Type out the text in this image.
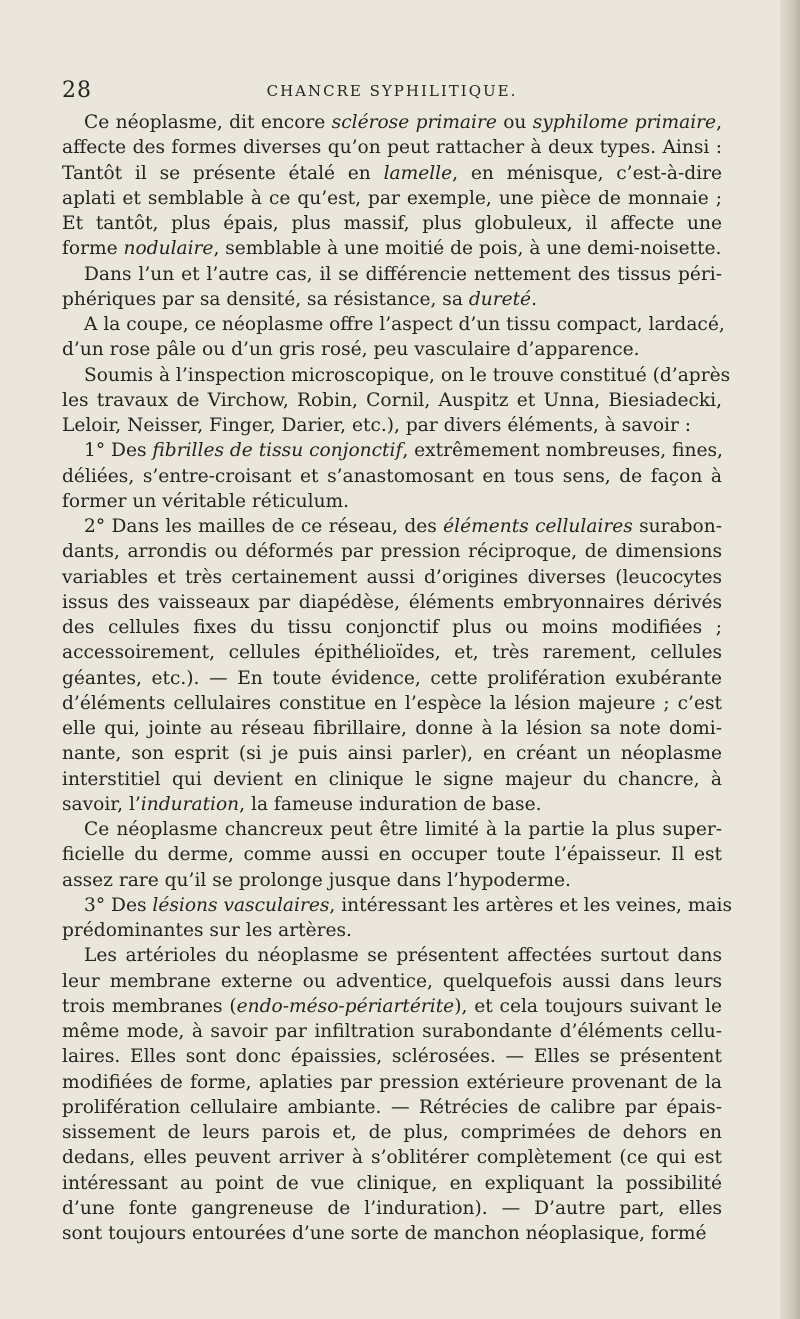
28	CHANCRE SYPHILITIQUE.
Ce néoplasme, dit encore sclérose primaire ou syphilome primaire,
affecte des formes diverses qu’on peut rattacher à deux types. Ainsi :
Tantôt il se présente étalé en lamelle, en ménisque, c’est-à-dire
aplati et semblable à ce qu’est, par exemple, une pièce de monnaie ;
Et tantôt, plus épais, plus massif, plus globuleux, il affecte une
forme nodulaire, semblable à une moitié de pois, à une demi-noisette.
Dans l’un et l’autre cas, il se différencie nettement des tissus péri-
phériques par sa densité, sa résistance, sa dureté.
A la coupe, ce néoplasme offre l’aspect d’un tissu compact, lardacé,
d’un rose pâle ou d’un gris rosé, peu vasculaire d’apparence.
Soumis à l’inspection microscopique, on le trouve constitué (d’après
les travaux de Virchow, Robin, Cornil, Auspitz et Unna, Biesiadecki,
Leloir, Neisser, Finger, Darier, etc.), par divers éléments, à savoir :
1° Des fibrilles de tissu conjonctif, extrêmement nombreuses, fines,
déliées, s’entre-croisant et s’anastomosant en tous sens, de façon à
former un véritable réticulum.
2° Dans les mailles de ce réseau, des éléments cellulaires surabon-
dants, arrondis ou déformés par pression réciproque, de dimensions
variables et très certainement aussi d’origines diverses (leucocytes
issus des vaisseaux par diapédèse, éléments embryonnaires dérivés
des cellules fixes du tissu conjonctif plus ou moins modifiées ;
accessoirement, cellules épithélioïdes, et, très rarement, cellules
géantes, etc.). — En toute évidence, cette prolifération exubérante
d’éléments cellulaires constitue en l’espèce la lésion majeure ; c’est
elle qui, jointe au réseau fibrillaire, donne à la lésion sa note domi-
nante, son esprit (si je puis ainsi parler), en créant un néoplasme
interstitiel qui devient en clinique le signe majeur du chancre, à
savoir, l’induration, la fameuse induration de base.
Ce néoplasme chancreux peut être limité à la partie la plus super-
ficielle du derme, comme aussi en occuper toute l’épaisseur. Il est
assez rare qu’il se prolonge jusque dans l’hypoderme.
3° Des lésions vasculaires, intéressant les artères et les veines, mais
prédominantes sur les artères.
Les artérioles du néoplasme se présentent affectées surtout dans
leur membrane externe ou adventice, quelquefois aussi dans leurs
trois membranes (endo-méso-périartérite), et cela toujours suivant le
même mode, à savoir par infiltration surabondante d’éléments cellu-
laires. Elles sont donc épaissies, sclérosées. — Elles se présentent
modifiées de forme, aplaties par pression extérieure provenant de la
prolifération cellulaire ambiante. — Rétrécies de calibre par épais-
sissement de leurs parois et, de plus, comprimées de dehors en
dedans, elles peuvent arriver à s’oblitérer complètement (ce qui est
intéressant au point de vue clinique, en expliquant la possibilité
d’une fonte gangreneuse de l’induration). — D’autre part, elles
sont toujours entourées d’une sorte de manchon néoplasique, formé
